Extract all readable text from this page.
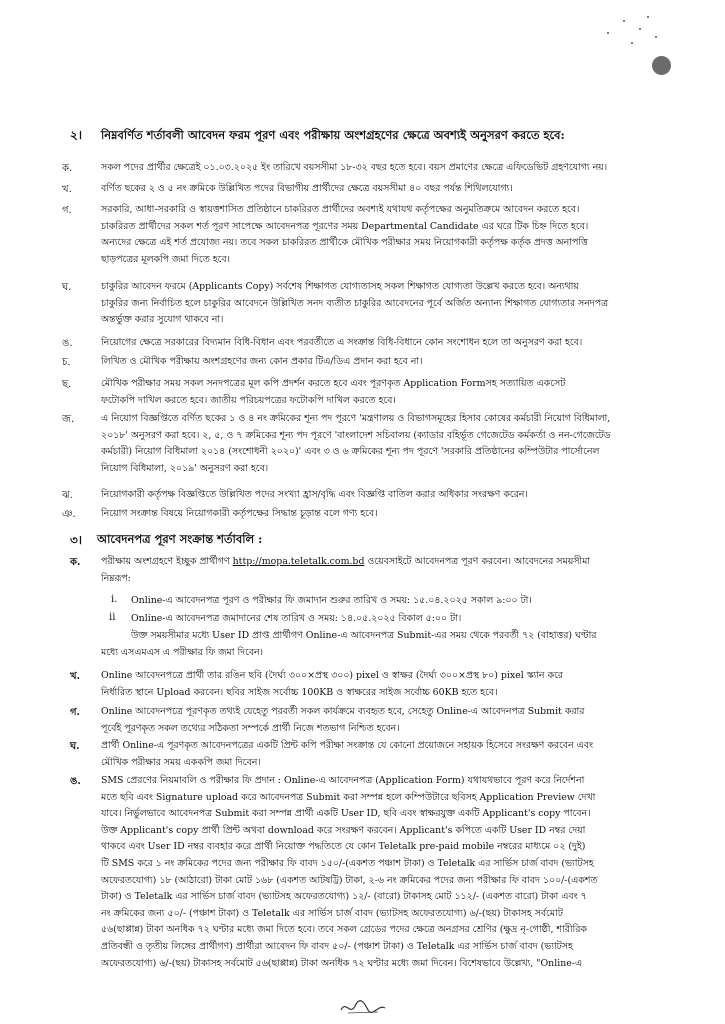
২। নিম্নবর্ণিত শর্তাবলী আবেদন ফরম পূরণ এবং পরীক্ষায় অংশগ্রহণের ক্ষেত্রে অবশ্যই অনুসরণ করতে হবে:
ক.	সকল পদের প্রার্থীর ক্ষেত্রেই ০১.০৩.২০২৫ ইং তারিখে বয়সসীমা ১৮-৩২ বছর হতে হবে। বয়স প্রমাণের ক্ষেত্রে এফিডেভিট গ্রহণযোগ্য নয়।
খ.	বর্ণিত ছকের ২ ও ৫ নং ক্রমিকে উল্লিখিত পদের বিভাগীয় প্রার্থীদের ক্ষেত্রে বয়সসীমা ৪০ বছর পর্যন্ত শিথিলযোগ্য।
গ.	সরকারি, আধা-সরকারি ও স্বায়ত্তশাসিত প্রতিষ্ঠানে চাকরিরত প্রার্থীদের অবশ্যই যথাযথ কর্তৃপক্ষের অনুমতিক্রমে আবেদন করতে হবে।
চাকরিরত প্রার্থীদের সকল শর্ত পূরণ সাপেক্ষে আবেদনপত্র পূরণের সময় Departmental Candidate এর ঘরে টিক চিহ্ন দিতে হবে।
অন্যদের ক্ষেত্রে এই শর্ত প্রযোজ্য নয়। তবে সকল চাকরিরত প্রার্থীকে মৌখিক পরীক্ষার সময় নিয়োগকারী কর্তৃপক্ষ কর্তৃক প্রদত্ত অনাপত্তি
ছাড়পত্রের মূলকপি জমা দিতে হবে।
ঘ.	চাকুরির আবেদন ফরমে (Applicants Copy) সর্বশেষ শিক্ষাগত যোগ্যতাসহ সকল শিক্ষাগত যোগ্যতা উল্লেখ করতে হবে। অন্যথায়
চাকুরির জন্য নির্বাচিত হলে চাকুরির আবেদনে উল্লিখিত সনদ ব্যতীত চাকুরির আবেদনের পূর্বে অর্জিত অন্যান্য শিক্ষাগত যোগ্যতার সনদপত্র
অন্তর্ভুক্ত করার সুযোগ থাকবে না।
ঙ.	নিয়োগের ক্ষেত্রে সরকারের বিদ্যমান বিধি-বিধান এবং পরবর্তীতে এ সংক্রান্ত বিধি-বিধানে কোন সংশোধন হলে তা অনুসরণ করা হবে।
চ.	লিখিত ও মৌখিক পরীক্ষায় অংশগ্রহণের জন্য কোন প্রকার টিএ/ডিএ প্রদান করা হবে না।
ছ.	মৌখিক পরীক্ষার সময় সকল সনদপত্রের মূল কপি প্রদর্শন করতে হবে এবং পূরণকৃত Application Formসহ সত্যায়িত একসেট
ফটোকপি দাখিল করতে হবে। জাতীয় পরিচয়পত্রের ফটোকপি দাখিল করতে হবে।
জ.	এ নিয়োগ বিজ্ঞপ্তিতে বর্ণিত ছকের ১ ও ৪ নং ক্রমিকের শূন্য পদ পূরণে 'মন্ত্রণালয় ও বিভাগসমূহের হিসাব কোষের কর্মচারী নিয়োগ বিধিমালা,
২০১৮' অনুসরণ করা হবে। ২, ৫, ও ৭ ক্রমিকের শূন্য পদ পূরণে 'বাংলাদেশ সচিবালয় (ক্যাডার বহির্ভূত গেজেটেড কর্মকর্তা ও নন-গেজেটেড
কর্মচারী) নিয়োগ বিধিমালা ২০১৪ (সংশোধনী ২০২০)' এবং ৩ ও ৬ ক্রমিকের শূন্য পদ পূরণে 'সরকারি প্রতিষ্ঠানের কম্পিউটার পার্সোনেল
নিয়োগ বিধিমালা, ২০১৯' অনুসরণ করা হবে।
ঝ.	নিয়োগকারী কর্তৃপক্ষ বিজ্ঞপ্তিতে উল্লিখিত পদের সংখ্যা হ্রাস/বৃদ্ধি এবং বিজ্ঞপ্তি বাতিল করার অধিকার সংরক্ষণ করেন।
ঞ.	নিয়োগ সংক্রান্ত বিষয়ে নিয়োগকারী কর্তৃপক্ষের সিদ্ধান্ত চূড়ান্ত বলে গণ্য হবে।
৩। আবেদনপত্র পূরণ সংক্রান্ত শর্তাবলি :
ক. পরীক্ষায় অংশগ্রহণে ইচ্ছুক প্রার্থীগণ http://mopa.teletalk.com.bd ওয়েবসাইটে আবেদনপত্র পূরণ করবেন। আবেদনের সময়সীমা
নিম্নরূপ:
i. Online-এ আবেদনপত্র পূরণ ও পরীক্ষার ফি জমাদান শুরুর তারিখ ও সময়: ১৫.০৪.২০২৫ সকাল ৯:০০ টা।
ii Online-এ আবেদনপত্র জমাদানের শেষ তারিখ ও সময়: ১৪.০৫.২০২৫ বিকাল ৫:০০ টা।
উক্ত সময়সীমার মধ্যে User ID প্রাপ্ত প্রার্থীগণ Online-এ আবেদনপত্র Submit-এর সময় থেকে পরবর্তী ৭২ (বাহাত্তর) ঘণ্টার
মধ্যে এসএমএস এ পরীক্ষার ফি জমা দিবেন।
খ. Online আবেদনপত্রে প্রার্থী তার রঙিন ছবি (দৈর্ঘ্য ৩০০×প্রস্থ ৩০০) pixel ও স্বাক্ষর (দৈর্ঘ্য ৩০০×প্রস্থ ৮০) pixel স্ক্যান করে
নির্ধারিত স্থানে Upload করবেন। ছবির সাইজ সর্বোচ্চ 100KB ও স্বাক্ষরের সাইজ সর্বোচ্চ 60KB হতে হবে।
গ. Online আবেদনপত্রে পূরণকৃত তথ্যই যেহেতু পরবর্তী সকল কার্যক্রমে ব্যবহৃত হবে, সেহেতু Online-এ আবেদনপত্র Submit করার
পূর্বেই পূরণকৃত সকল তথ্যের সঠিকতা সম্পর্কে প্রার্থী নিজে শতভাগ নিশ্চিত হবেন।
ঘ. প্রার্থী Online-এ পূরণকৃত আবেদনপত্রের একটি প্রিন্ট কপি পরীক্ষা সংক্রান্ত যে কোনো প্রয়োজনে সহায়ক হিসেবে সংরক্ষণ করবেন এবং
মৌখিক পরীক্ষার সময় এককপি জমা দিবেন।
ঙ. SMS প্রেরণের নিয়মাবলি ও পরীক্ষার ফি প্রদান : Online-এ আবেদনপত্র (Application Form) যথাযথভাবে পূরণ করে নির্দেশনা
মতে ছবি এবং Signature upload করে আবেদনপত্র Submit করা সম্পন্ন হলে কম্পিউটারে ছবিসহ Application Preview দেখা
যাবে। নির্ভুলভাবে আবেদনপত্র Submit করা সম্পন্ন প্রার্থী একটি User ID, ছবি এবং স্বাক্ষরযুক্ত একটি Applicant's copy পাবেন।
উক্ত Applicant's copy প্রার্থী প্রিন্ট অথবা download করে সংরক্ষণ করবেন। Applicant's কপিতে একটি User ID নম্বর দেয়া
থাকবে এবং User ID নম্বর ব্যবহার করে প্রার্থী নিয়োক্ত পদ্ধতিতে যে কোন Teletalk pre-paid mobile নম্বরের মাধ্যমে ০২ (দুই)
টি SMS করে ১ নং ক্রমিকের পদের জন্য পরীক্ষার ফি বাবদ ১৫০/-(একশত পঞ্চাশ টাকা) ও Teletalk এর সার্ভিস চার্জ বাবদ (ভ্যাটসহ
অফেরতযোগ্য) ১৮ (আঠারো) টাকা মোট ১৬৮ (একশত আটষট্টি) টাকা, ২-৬ নং ক্রমিকের পদের জন্য পরীক্ষার ফি বাবদ ১০০/-(একশত
টাকা) ও Teletalk এর সার্ভিস চার্জ বাবদ (ভ্যাটসহ অফেরতযোগ্য) ১২/- (বারো) টাকাসহ মোট ১১২/- (একশত বারো) টাকা এবং ৭
নং ক্রমিকের জন্য ৫০/- (পঞ্চাশ টাকা) ও Teletalk এর সার্ভিস চার্জ বাবদ (ভ্যাটসহ অফেরতযোগ্য) ৬/-(ছয়) টাকাসহ সর্বমোট
৫৬(ছাপ্পান্ন) টাকা অনধিক ৭২ ঘণ্টার মধ্যে জমা দিতে হবে। তবে সকল গ্রেডের পদের ক্ষেত্রে অনগ্রসর শ্রেণির (ক্ষুদ্র নৃ-গোষ্ঠী, শারীরিক
প্রতিবন্ধী ও তৃতীয় লিঙ্গের প্রার্থীগণ) প্রার্থীরা আবেদন ফি বাবদ ৫০/- (পঞ্চাশ টাকা) ও Teletalk এর সার্ভিস চার্জ বাবদ (ভ্যাটসহ
অফেরতযোগ্য) ৬/-(ছয়) টাকাসহ সর্বমোট ৫৬(ছাপ্পান্ন) টাকা অনধিক ৭২ ঘণ্টার মধ্যে জমা দিবেন। বিশেষভাবে উল্লেখ্য, "Online-এ
